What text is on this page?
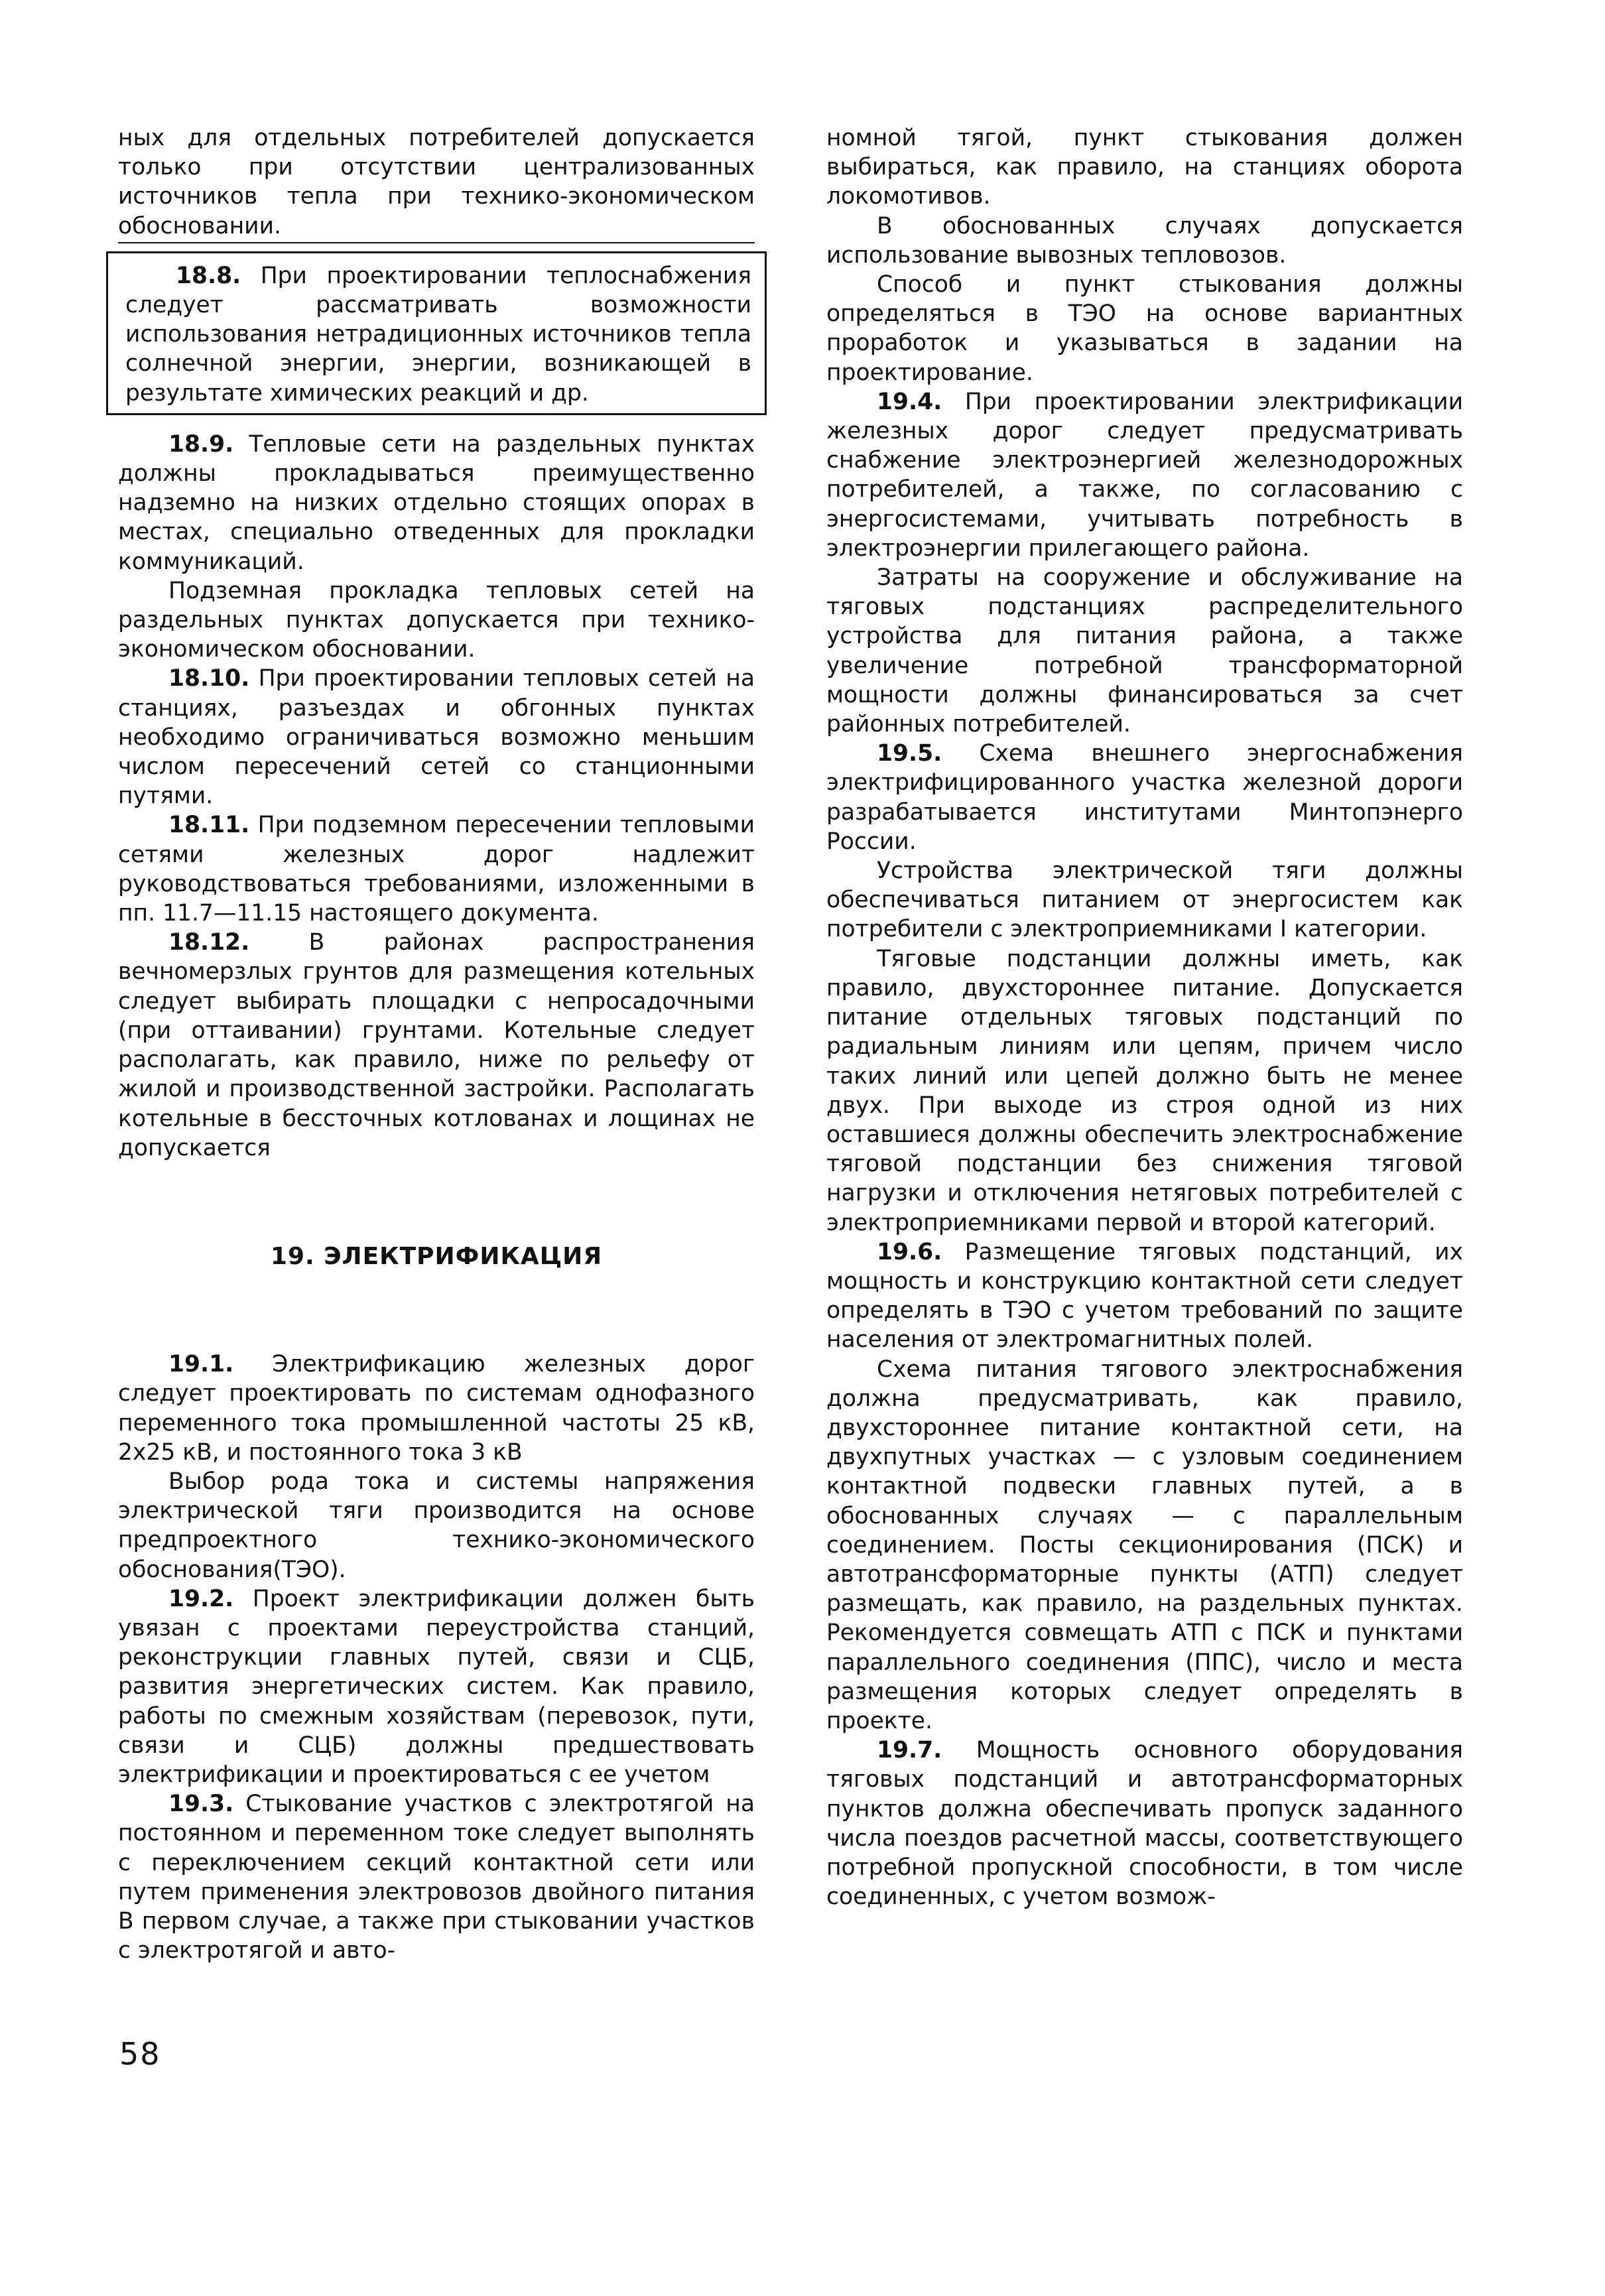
ных для отдельных потребителей допускается только при отсутствии централизованных источников тепла при технико-экономическом обосновании.

18.8. При проектировании теплоснабжения следует рассматривать возможности использования нетрадиционных источников тепла солнечной энергии, энергии, возникающей в результате химических реакций и др.

18.9. Тепловые сети на раздельных пунктах должны прокладываться преимущественно надземно на низких отдельно стоящих опорах в местах, специально отведенных для прокладки коммуникаций.

Подземная прокладка тепловых сетей на раздельных пунктах допускается при технико-экономическом обосновании.

18.10. При проектировании тепловых сетей на станциях, разъездах и обгонных пунктах необходимо ограничиваться возможно меньшим числом пересечений сетей со станционными путями.

18.11. При подземном пересечении тепловыми сетями железных дорог надлежит руководствоваться требованиями, изложенными в пп. 11.7—11.15 настоящего документа.

18.12. В районах распространения вечномерзлых грунтов для размещения котельных следует выбирать площадки с непросадочными (при оттаивании) грунтами. Котельные следует располагать, как правило, ниже по рельефу от жилой и производственной застройки. Располагать котельные в бессточных котлованах и лощинах не допускается

19. ЭЛЕКТРИФИКАЦИЯ

19.1. Электрификацию железных дорог следует проектировать по системам однофазного переменного тока промышленной частоты 25 кВ, 2х25 кВ, и постоянного тока 3 кВ

Выбор рода тока и системы напряжения электрической тяги производится на основе предпроектного технико-экономического обоснования(ТЭО).

19.2. Проект электрификации должен быть увязан с проектами переустройства станций, реконструкции главных путей, связи и СЦБ, развития энергетических систем. Как правило, работы по смежным хозяйствам (перевозок, пути, связи и СЦБ) должны предшествовать электрификации и проектироваться с ее учетом

19.3. Стыкование участков с электротягой на постоянном и переменном токе следует выполнять с переключением секций контактной сети или путем применения электровозов двойного питания В первом случае, а также при стыковании участков с электротягой и авто-

номной тягой, пункт стыкования должен выбираться, как правило, на станциях оборота локомотивов.

В обоснованных случаях допускается использование вывозных тепловозов.

Способ и пункт стыкования должны определяться в ТЭО на основе вариантных проработок и указываться в задании на проектирование.

19.4. При проектировании электрификации железных дорог следует предусматривать снабжение электроэнергией железнодорожных потребителей, а также, по согласованию с энергосистемами, учитывать потребность в электроэнергии прилегающего района.

Затраты на сооружение и обслуживание на тяговых подстанциях распределительного устройства для питания района, а также увеличение потребной трансформаторной мощности должны финансироваться за счет районных потребителей.

19.5. Схема внешнего энергоснабжения электрифицированного участка железной дороги разрабатывается институтами Минтопэнерго России.

Устройства электрической тяги должны обеспечиваться питанием от энергосистем как потребители с электроприемниками I категории.

Тяговые подстанции должны иметь, как правило, двухстороннее питание. Допускается питание отдельных тяговых подстанций по радиальным линиям или цепям, причем число таких линий или цепей должно быть не менее двух. При выходе из строя одной из них оставшиеся должны обеспечить электроснабжение тяговой подстанции без снижения тяговой нагрузки и отключения нетяговых потребителей с электроприемниками первой и второй категорий.

19.6. Размещение тяговых подстанций, их мощность и конструкцию контактной сети следует определять в ТЭО с учетом требований по защите населения от электромагнитных полей.

Схема питания тягового электроснабжения должна предусматривать, как правило, двухстороннее питание контактной сети, на двухпутных участках — с узловым соединением контактной подвески главных путей, а в обоснованных случаях — с параллельным соединением. Посты секционирования (ПСК) и автотрансформаторные пункты (АТП) следует размещать, как правило, на раздельных пунктах. Рекомендуется совмещать АТП с ПСК и пунктами параллельного соединения (ППС), число и места размещения которых следует определять в проекте.

19.7. Мощность основного оборудования тяговых подстанций и автотрансформаторных пунктов должна обеспечивать пропуск заданного числа поездов расчетной массы, соответствующего потребной пропускной способности, в том числе соединенных, с учетом возмож-

58
